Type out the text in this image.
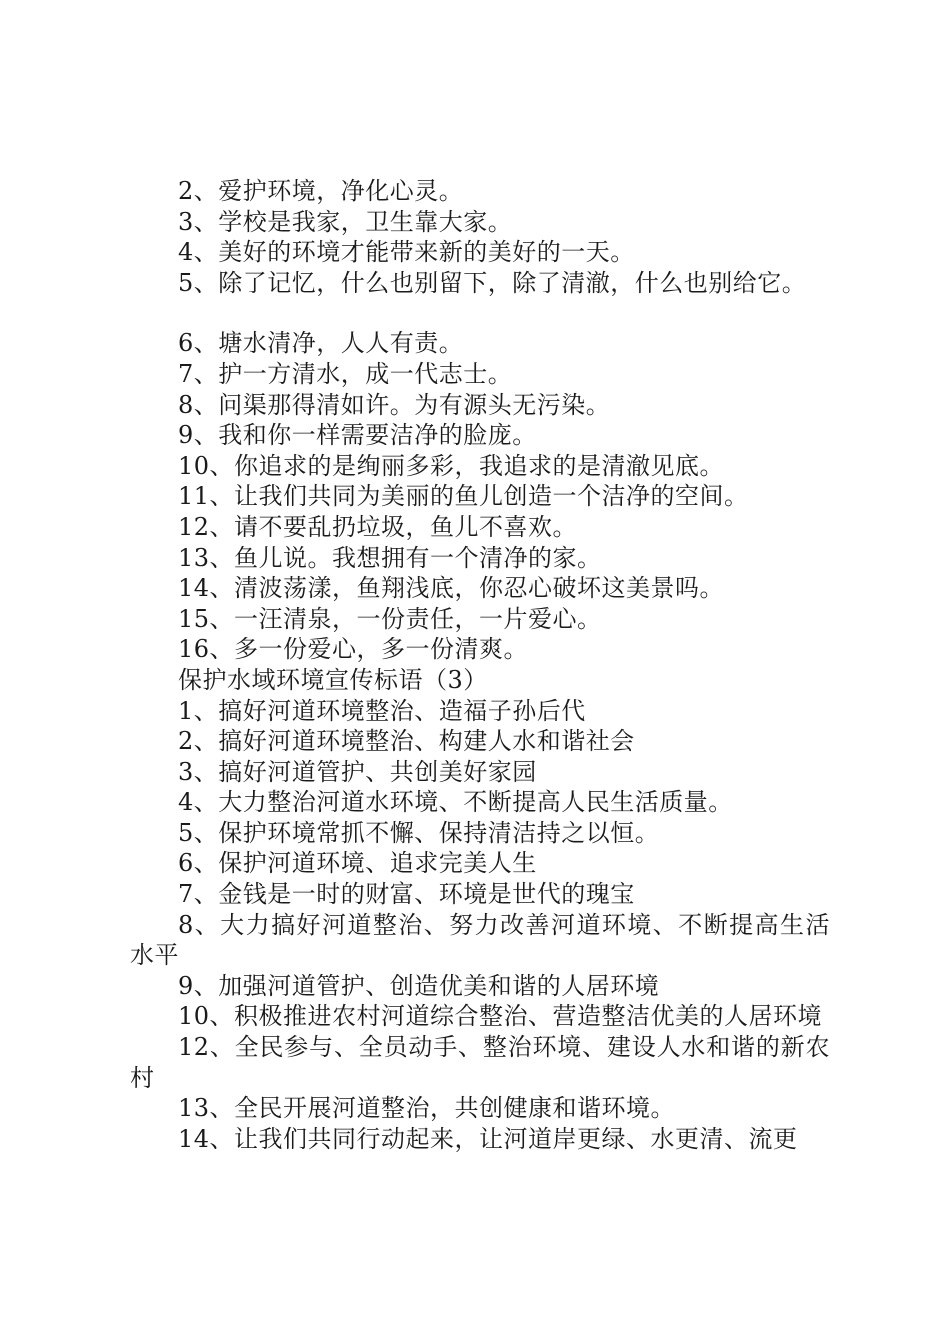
2、爱护环境，净化心灵。
3、学校是我家，卫生靠大家。
4、美好的环境才能带来新的美好的一天。
5、除了记忆，什么也别留下，除了清澈，什么也别给它。
6、塘水清净，人人有责。
7、护一方清水，成一代志士。
8、问渠那得清如许。为有源头无污染。
9、我和你一样需要洁净的脸庞。
10、你追求的是绚丽多彩，我追求的是清澈见底。
11、让我们共同为美丽的鱼儿创造一个洁净的空间。
12、请不要乱扔垃圾，鱼儿不喜欢。
13、鱼儿说。我想拥有一个清净的家。
14、清波荡漾，鱼翔浅底，你忍心破坏这美景吗。
15、一汪清泉，一份责任，一片爱心。
16、多一份爱心，多一份清爽。
保护水域环境宣传标语（3）
1、搞好河道环境整治、造福子孙后代
2、搞好河道环境整治、构建人水和谐社会
3、搞好河道管护、共创美好家园
4、大力整治河道水环境、不断提高人民生活质量。
5、保护环境常抓不懈、保持清洁持之以恒。
6、保护河道环境、追求完美人生
7、金钱是一时的财富、环境是世代的瑰宝
8、大力搞好河道整治、努力改善河道环境、不断提高生活水平
9、加强河道管护、创造优美和谐的人居环境
10、积极推进农村河道综合整治、营造整洁优美的人居环境
12、全民参与、全员动手、整治环境、建设人水和谐的新农村
13、全民开展河道整治，共创健康和谐环境。
14、让我们共同行动起来，让河道岸更绿、水更清、流更
